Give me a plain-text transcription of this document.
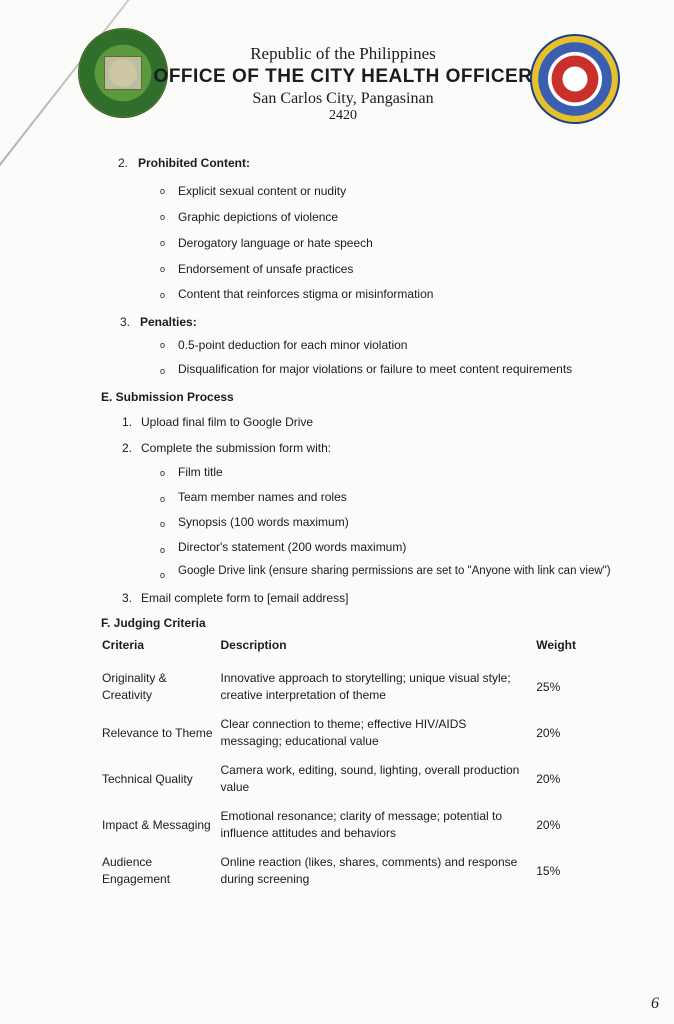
Republic of the Philippines
OFFICE OF THE CITY HEALTH OFFICER
San Carlos City, Pangasinan
2420
2. Prohibited Content:
o Explicit sexual content or nudity
o Graphic depictions of violence
o Derogatory language or hate speech
o Endorsement of unsafe practices
o Content that reinforces stigma or misinformation
3. Penalties:
o 0.5-point deduction for each minor violation
o Disqualification for major violations or failure to meet content requirements
E. Submission Process
1. Upload final film to Google Drive
2. Complete the submission form with:
o Film title
o Team member names and roles
o Synopsis (100 words maximum)
o Director's statement (200 words maximum)
o Google Drive link (ensure sharing permissions are set to "Anyone with link can view")
3. Email complete form to [email address]
F. Judging Criteria
Criteria	Description	Weight
Originality & Creativity	Innovative approach to storytelling; unique visual style; creative interpretation of theme	25%
Relevance to Theme	Clear connection to theme; effective HIV/AIDS messaging; educational value	20%
Technical Quality	Camera work, editing, sound, lighting, overall production value	20%
Impact & Messaging	Emotional resonance; clarity of message; potential to influence attitudes and behaviors	20%
Audience Engagement	Online reaction (likes, shares, comments) and response during screening	15%
6
